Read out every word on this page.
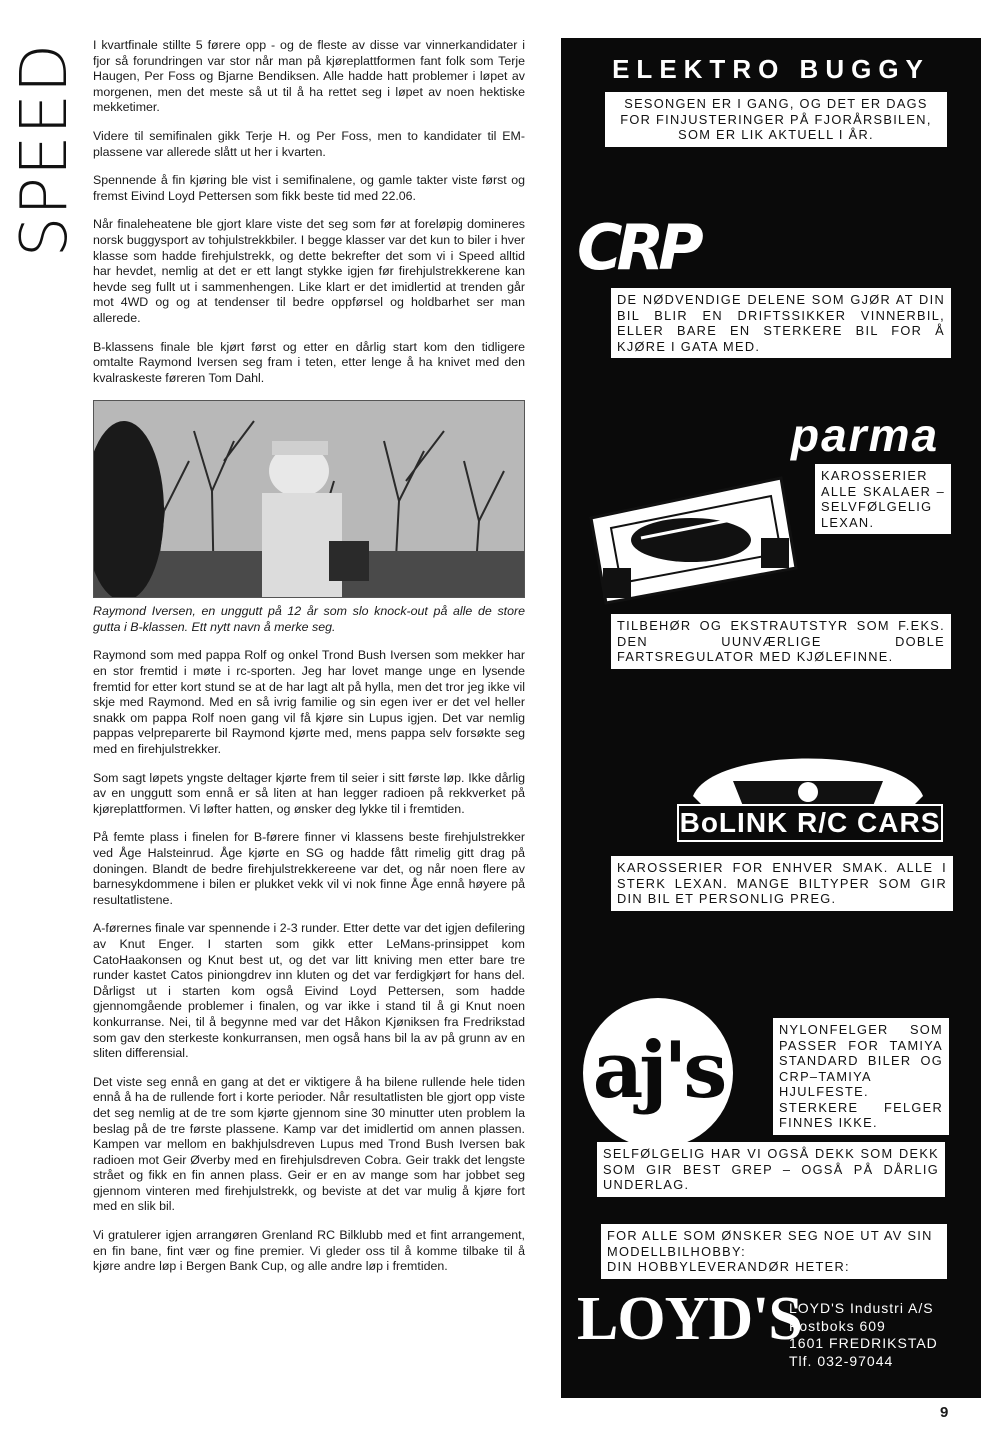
SPEED I kvartfinale stillte 5 førere opp - og de fleste av disse var vinnerkandidater i fjor så forundringen var stor når man på kjøreplattformen fant folk som Terje Haugen, Per Foss og Bjarne Bendiksen. Alle hadde hatt problemer i løpet av morgenen, men det meste så ut til å ha rettet seg i løpet av noen hektiske mekketimer.

Videre til semifinalen gikk Terje H. og Per Foss, men to kandidater til EM-plassene var allerede slått ut her i kvarten.

Spennende å fin kjøring ble vist i semifinalene, og gamle takter viste først og fremst Eivind Loyd Pettersen som fikk beste tid med 22.06.

Når finaleheatene ble gjort klare viste det seg som før at foreløpig domineres norsk buggysport av tohjulstrekkbiler. I begge klasser var det kun to biler i hver klasse som hadde firehjulstrekk, og dette bekrefter det som vi i Speed alltid har hevdet, nemlig at det er ett langt stykke igjen før firehjulstrekkerene kan hevde seg fullt ut i sammenhengen. Like klart er det imidlertid at trenden går mot 4WD og og at tendenser til bedre oppførsel og holdbarhet ser man allerede.

B-klassens finale ble kjørt først og etter en dårlig start kom den tidligere omtalte Raymond Iversen seg fram i teten, etter lenge å ha knivet med den kvalraskeste føreren Tom Dahl.

Raymond Iversen, en unggutt på 12 år som slo knock-out på alle de store gutta i B-klassen. Ett nytt navn å merke seg.

Raymond som med pappa Rolf og onkel Trond Bush Iversen som mekker har en stor fremtid i møte i rc-sporten. Jeg har lovet mange unge en lysende fremtid for etter kort stund se at de har lagt alt på hylla, men det tror jeg ikke vil skje med Raymond. Med en så ivrig familie og sin egen iver er det vel heller snakk om pappa Rolf noen gang vil få kjøre sin Lupus igjen. Det var nemlig pappas velpreparerte bil Raymond kjørte med, mens pappa selv forsøkte seg med en firehjulstrekker.

Som sagt løpets yngste deltager kjørte frem til seier i sitt første løp. Ikke dårlig av en unggutt som ennå er så liten at han legger radioen på rekkverket på kjøreplattformen. Vi løfter hatten, og ønsker deg lykke til i fremtiden.

På femte plass i finelen for B-førere finner vi klassens beste firehjulstrekker ved Åge Halsteinrud. Åge kjørte en SG og hadde fått rimelig gitt drag på doningen. Blandt de bedre firehjulstrekkereene var det, og når noen flere av barnesykdommene i bilen er plukket vekk vil vi nok finne Åge ennå høyere på resultatlistene.

A-førernes finale var spennende i 2-3 runder. Etter dette var det igjen defilering av Knut Enger. I starten som gikk etter LeMans-prinsippet kom CatoHaakonsen og Knut best ut, og det var litt kniving men etter bare tre runder kastet Catos piniongdrev inn kluten og det var ferdigkjørt for hans del. Dårligst ut i starten kom også Eivind Loyd Pettersen, som hadde gjennomgående problemer i finalen, og var ikke i stand til å gi Knut noen konkurranse. Nei, til å begynne med var det Håkon Kjøniksen fra Fredrikstad som gav den sterkeste konkurransen, men også hans bil la av på grunn av en sliten differensial.

Det viste seg ennå en gang at det er viktigere å ha bilene rullende hele tiden ennå å ha de rullende fort i korte perioder. Når resultatlisten ble gjort opp viste det seg nemlig at de tre som kjørte gjennom sine 30 minutter uten problem la beslag på de tre første plassene. Kamp var det imidlertid om annen plassen. Kampen var mellom en bakhjulsdreven Lupus med Trond Bush Iversen bak radioen mot Geir Øverby med en firehjulsdreven Cobra. Geir trakk det lengste strået og fikk en fin annen plass. Geir er en av mange som har jobbet seg gjennom vinteren med firehjulstrekk, og beviste at det var mulig å kjøre fort med en slik bil.

Vi gratulerer igjen arrangøren Grenland RC Bilklubb med et fint arrangement, en fin bane, fint vær og fine premier. Vi gleder oss til å komme tilbake til å kjøre andre løp i Bergen Bank Cup, og alle andre løp i fremtiden.

ELEKTRO BUGGY
SESONGEN ER I GANG, OG DET ER DAGS FOR FINJUSTERINGER PÅ FJORÅRSBILEN, SOM ER LIK AKTUELL I ÅR.
CRP
DE NØDVENDIGE DELENE SOM GJØR AT DIN BIL BLIR EN DRIFTSSIKKER VINNERBIL, ELLER BARE EN STERKERE BIL FOR Å KJØRE I GATA MED.
parma
KAROSSERIER ALLE SKALAER – SELVFØLGELIG LEXAN.
TILBEHØR OG EKSTRAUTSTYR SOM F.EKS. DEN UUNVÆRLIGE DOBLE FARTSREGULATOR MED KJØLEFINNE.
BoLINK R/C CARS
KAROSSERIER FOR ENHVER SMAK. ALLE I STERK LEXAN. MANGE BILTYPER SOM GIR DIN BIL ET PERSONLIG PREG.
aj's	NYLONFELGER SOM PASSER FOR TAMIYA STANDARD BILER OG CRP–TAMIYA HJULFESTE. STERKERE FELGER FINNES IKKE.
SELFØLGELIG HAR VI OGSÅ DEKK SOM DEKK SOM GIR BEST GREP – OGSÅ PÅ DÅRLIG UNDERLAG.
FOR ALLE SOM ØNSKER SEG NOE UT AV SIN MODELLBILHOBBY:
DIN HOBBYLEVERANDØR HETER:
LOYD'S
LOYD'S Industri A/S
Postboks 609
1601 FREDRIKSTAD
Tlf. 032-97044
9
